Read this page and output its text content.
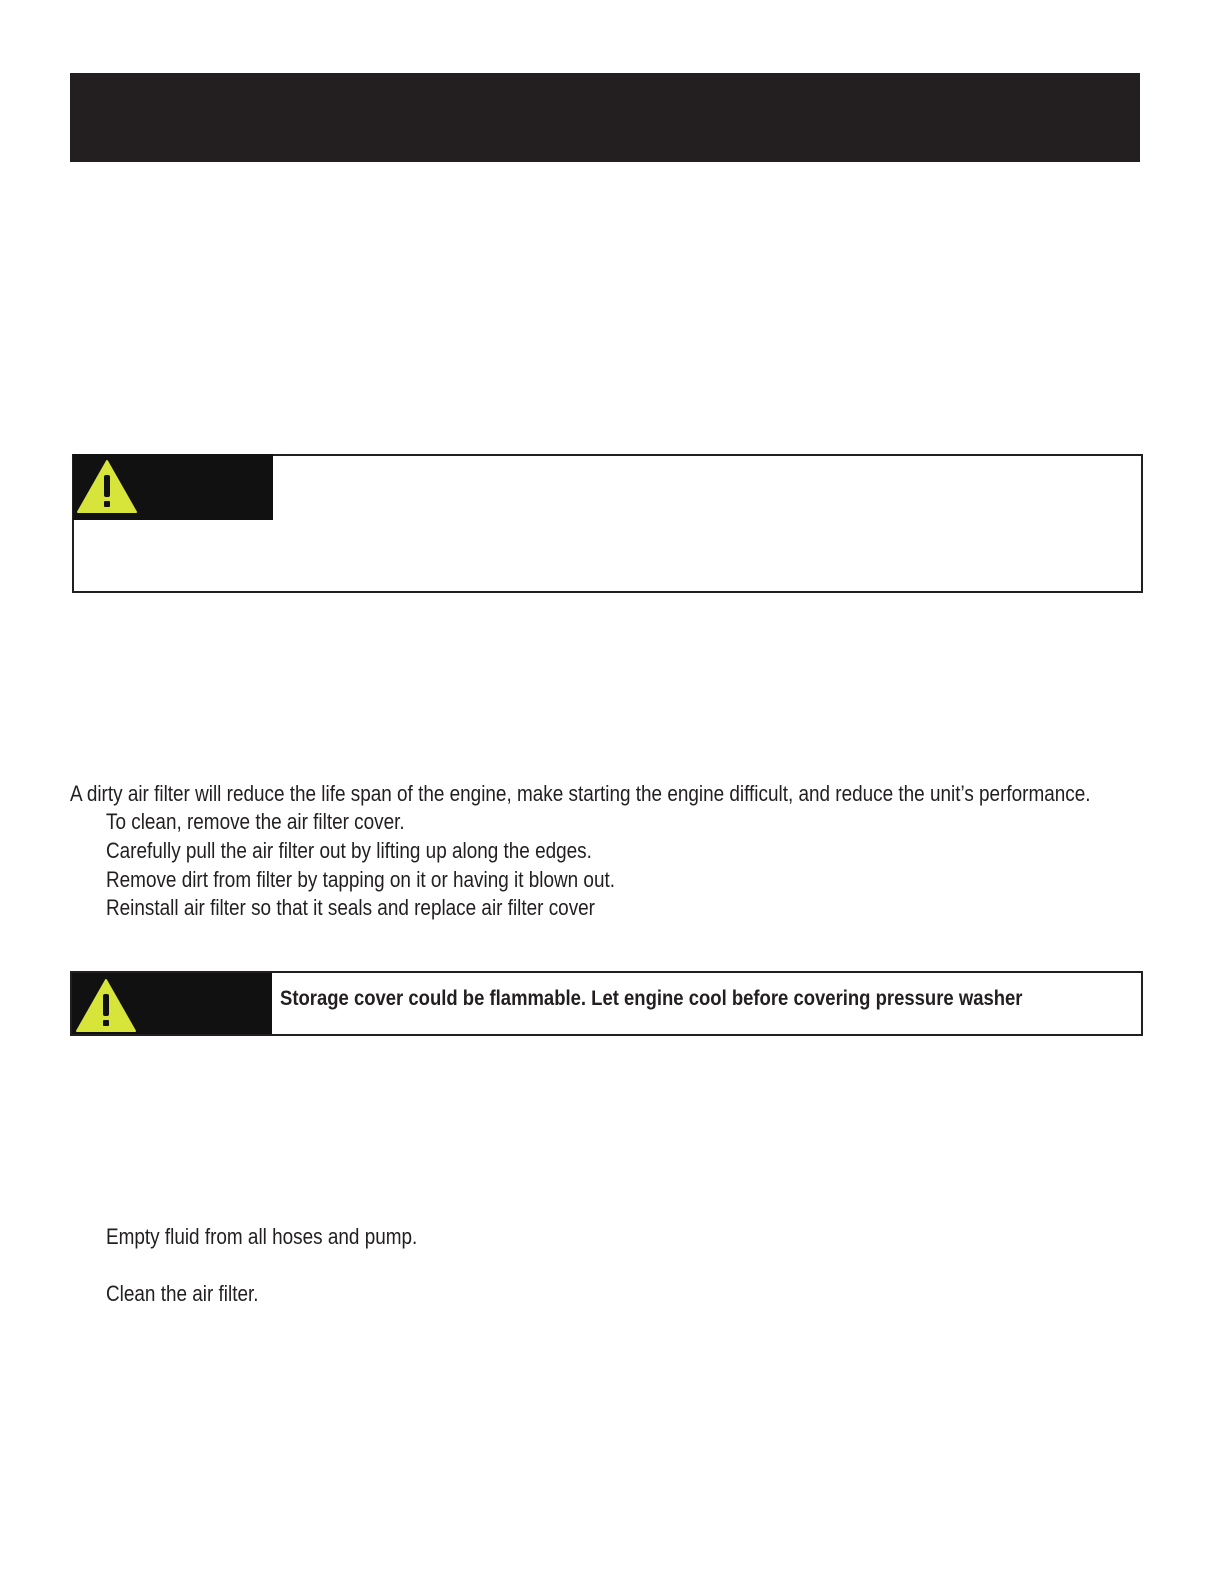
A dirty air filter will reduce the life span of the engine, make starting the engine difficult, and reduce the unit’s performance.
To clean, remove the air filter cover.
Carefully pull the air filter out by lifting up along the edges.
Remove dirt from filter by tapping on it or having it blown out.
Reinstall air filter so that it seals and replace air filter cover
Storage cover could be flammable. Let engine cool before covering pressure washer
Empty fluid from all hoses and pump.
Clean the air filter.
